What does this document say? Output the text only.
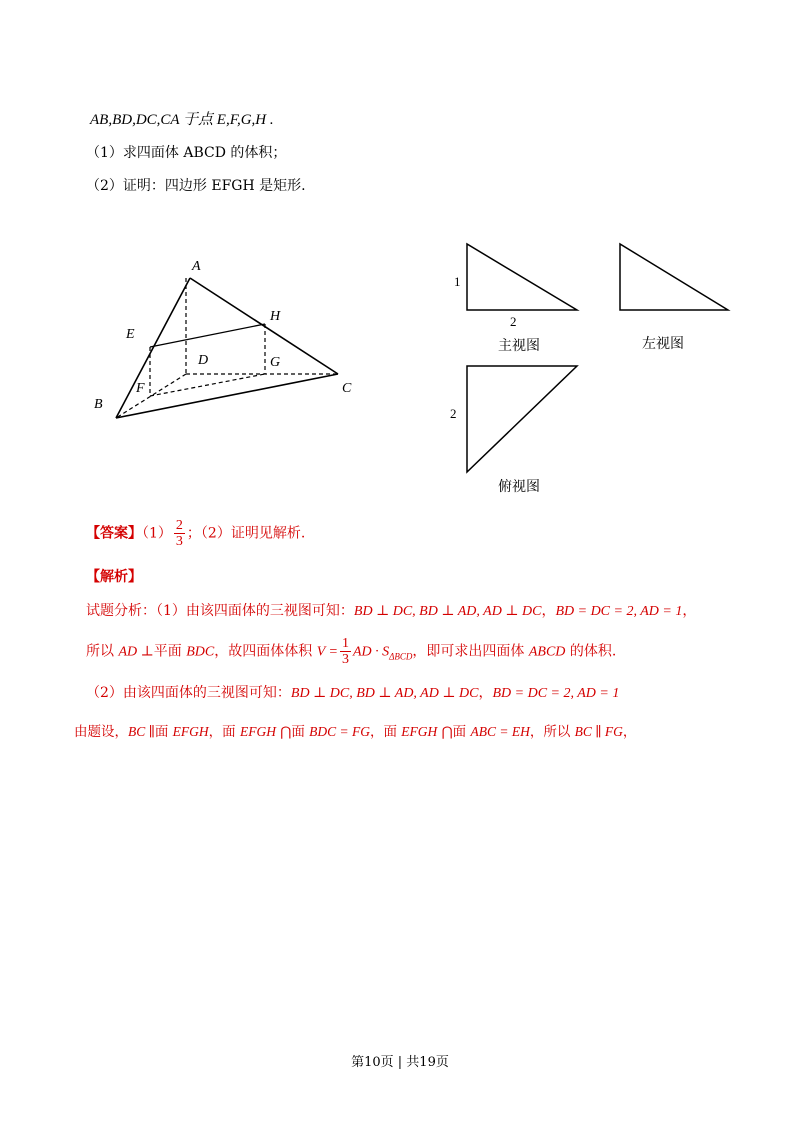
AB,BD,DC,CA 于点 E,F,G,H .
（1）求四面体 ABCD 的体积；
（2）证明：四边形 EFGH 是矩形.
A
B
C
D
E
F
G
H
1
2
主视图	左视图
2
俯视图
【答案】$(1) \frac{2}{3}$ ；（2）证明见解析.
【解析】
试题分析：（1）由该四面体的三视图可知：BD ⊥ DC, BD ⊥ AD, AD ⊥ DC，BD = DC = 2, AD = 1，
所以 AD ⊥平面 BDC，故四面体体积 $V = \frac{1}{3}$ AD · $S_{\Delta BCD}$，即可求出四面体 ABCD 的体积.
（2）由该四面体的三视图可知：BD ⊥ DC, BD ⊥ AD, AD ⊥ DC，BD = DC = 2, AD = 1
由题设，BC ∥面 EFGH，面 EFGH ⋂面 BDC = FG，面 EFGH ⋂面 ABC = EH，所以 BC ∥ FG，
第10页 | 共19页
